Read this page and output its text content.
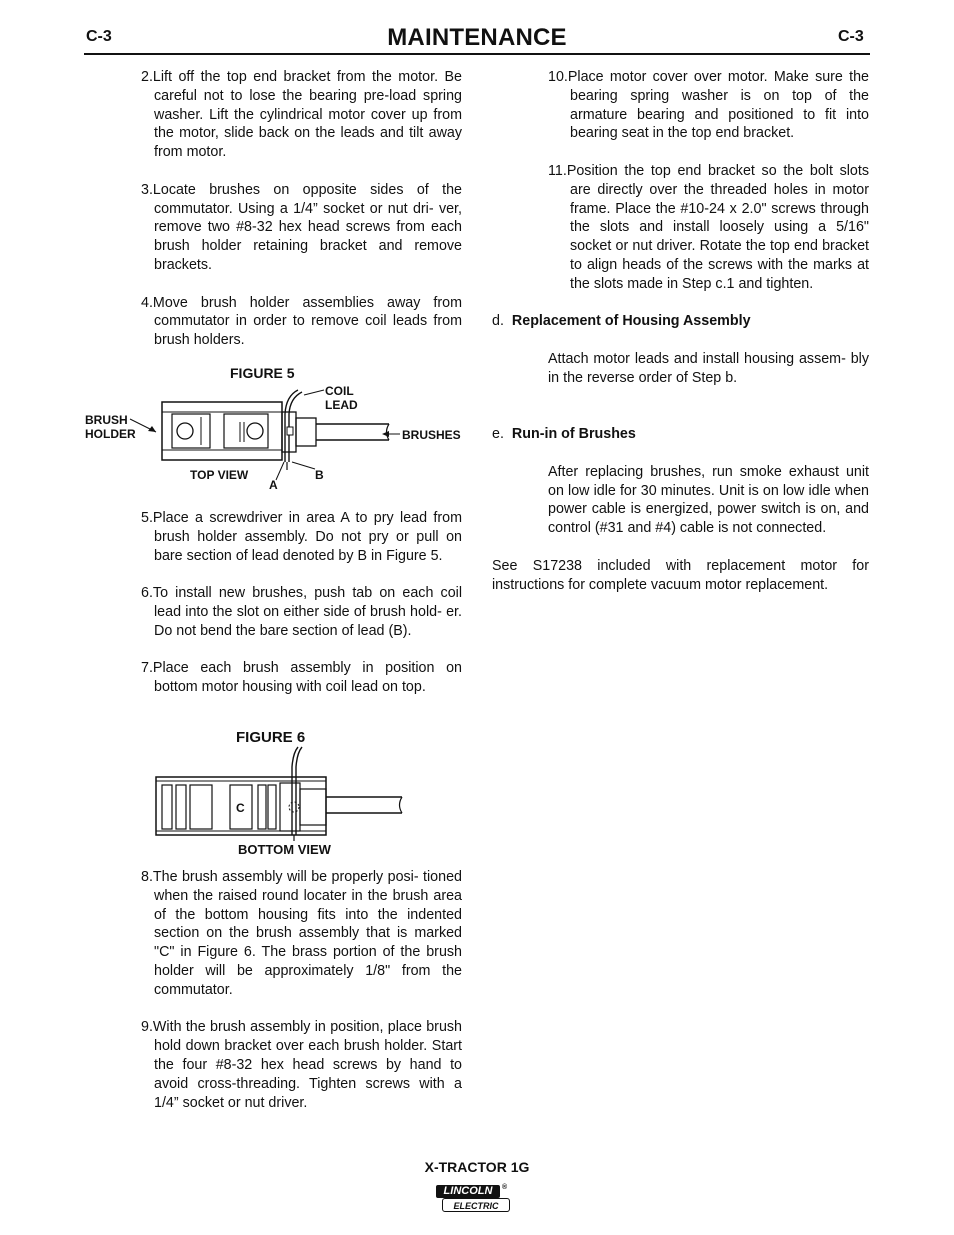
C-3	MAINTENANCE	C-3

2.Lift off the top end bracket from the motor. Be careful not to lose the bearing pre-load spring washer. Lift the cylindrical motor cover up from the motor, slide back on the leads and tilt away from motor.

3.Locate brushes on opposite sides of the commutator. Using a 1/4” socket or nut dri- ver, remove two #8-32 hex head screws from each brush holder retaining bracket and remove brackets.

4.Move brush holder assemblies away from commutator in order to remove coil leads from brush holders.

FIGURE 5
COIL
LEAD
BRUSH
HOLDER	BRUSHES
TOP VIEW
A
B

5.Place a screwdriver in area A to pry lead from brush holder assembly. Do not pry or pull on bare section of lead denoted by B in Figure 5.

6.To install new brushes, push tab on each coil lead into the slot on either side of brush hold- er. Do not bend the bare section of lead (B).

7.Place each brush assembly in position on bottom motor housing with coil lead on top.

FIGURE 6
C
BOTTOM VIEW

8.The brush assembly will be properly posi- tioned when the raised round locater in the brush area of the bottom housing fits into the indented section on the brush assembly that is marked "C" in Figure 6. The brass portion of the brush holder will be approximately 1/8" from the commutator.

9.With the brush assembly in position, place brush hold down bracket over each brush holder. Start the four #8-32 hex head screws by hand to avoid cross-threading. Tighten screws with a 1/4” socket or nut driver.

10.Place motor cover over motor. Make sure the bearing spring washer is on top of the armature bearing and positioned to fit into bearing seat in the top end bracket.

11.Position the top end bracket so the bolt slots are directly over the threaded holes in motor frame. Place the #10-24 x 2.0" screws through the slots and install loosely using a 5/16" socket or nut driver. Rotate the top end bracket to align heads of the screws with the marks at the slots made in Step c.1 and tighten.

d. Replacement of Housing Assembly

Attach motor leads and install housing assem- bly in the reverse order of Step b.

e. Run-in of Brushes

After replacing brushes, run smoke exhaust unit on low idle for 30 minutes. Unit is on low idle when power cable is energized, power switch is on, and control (#31 and #4) cable is not connected.

See S17238 included with replacement motor for instructions for complete vacuum motor replacement.

X-TRACTOR 1G
LINCOLN	®
ELECTRIC
